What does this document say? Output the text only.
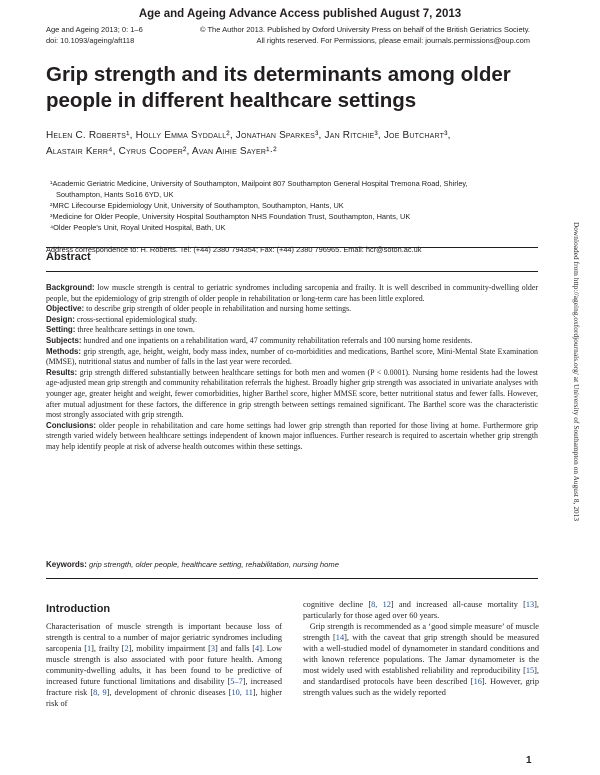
Age and Ageing Advance Access published August 7, 2013
Age and Ageing 2013; 0: 1–6
doi: 10.1093/ageing/aft118
© The Author 2013. Published by Oxford University Press on behalf of the British Geriatrics Society.
All rights reserved. For Permissions, please email: journals.permissions@oup.com
Grip strength and its determinants among older people in different healthcare settings
Helen C. Roberts¹, Holly Emma Syddall², Jonathan Sparkes³, Jan Ritchie³, Joe Butchart³,
Alastair Kerr⁴, Cyrus Cooper², Avan Aihie Sayer¹·²
¹Academic Geriatric Medicine, University of Southampton, Mailpoint 807 Southampton General Hospital Tremona Road, Shirley,
Southampton, Hants So16 6YD, UK
²MRC Lifecourse Epidemiology Unit, University of Southampton, Southampton, Hants, UK
³Medicine for Older People, University Hospital Southampton NHS Foundation Trust, Southampton, Hants, UK
⁴Older People's Unit, Royal United Hospital, Bath, UK
Address correspondence to: H. Roberts. Tel: (+44) 2380 794354; Fax: (+44) 2380 796965. Email: hcr@soton.ac.uk
Abstract

Background: low muscle strength is central to geriatric syndromes including sarcopenia and frailty. It is well described in community-dwelling older people, but the epidemiology of grip strength of older people in rehabilitation or long-term care has been little explored.

Objective: to describe grip strength of older people in rehabilitation and nursing home settings.

Design: cross-sectional epidemiological study.

Setting: three healthcare settings in one town.

Subjects: hundred and one inpatients on a rehabilitation ward, 47 community rehabilitation referrals and 100 nursing home residents.

Methods: grip strength, age, height, weight, body mass index, number of co-morbidities and medications, Barthel score, Mini-Mental State Examination (MMSE), nutritional status and number of falls in the last year were recorded.

Results: grip strength differed substantially between healthcare settings for both men and women (P < 0.0001). Nursing home residents had the lowest age-adjusted mean grip strength and community rehabilitation referrals the highest. Broadly higher grip strength was associated in univariate analyses with younger age, greater height and weight, fewer comorbidities, higher Barthel score, higher MMSE score, better nutritional status and fewer falls. However, after mutual adjustment for these factors, the difference in grip strength between settings remained significant. The Barthel score was the characteristic most strongly associated with grip strength.

Conclusions: older people in rehabilitation and care home settings had lower grip strength than reported for those living at home. Furthermore grip strength varied widely between healthcare settings independent of known major influences. Further research is required to ascertain whether grip strength may help identify people at risk of adverse health outcomes within these settings.

Keywords: grip strength, older people, healthcare setting, rehabilitation, nursing home
Introduction
Characterisation of muscle strength is important because loss of strength is central to a number of major geriatric syndromes including sarcopenia [1], frailty [2], mobility impairment [3] and falls [4]. Low muscle strength is also associated with poor future health. Among community-dwelling adults, it has been found to be predictive of increased future functional limitations and disability [5–7], increased fracture risk [8, 9], development of chronic diseases [10, 11], higher risk of
cognitive decline [8, 12] and increased all-cause mortality [13], particularly for those aged over 60 years.
Grip strength is recommended as a ‘good simple measure’ of muscle strength [14], with the caveat that grip strength should be measured with a well-studied model of dynamometer in standard conditions and with known reference populations. The Jamar dynamometer is the most widely used with established reliability and reproducibility [15], and standardised protocols have been described [16]. However, grip strength values such as the widely reported
1
Downloaded from http://ageing.oxfordjournals.org/ at University of Southampton on August 8, 2013
